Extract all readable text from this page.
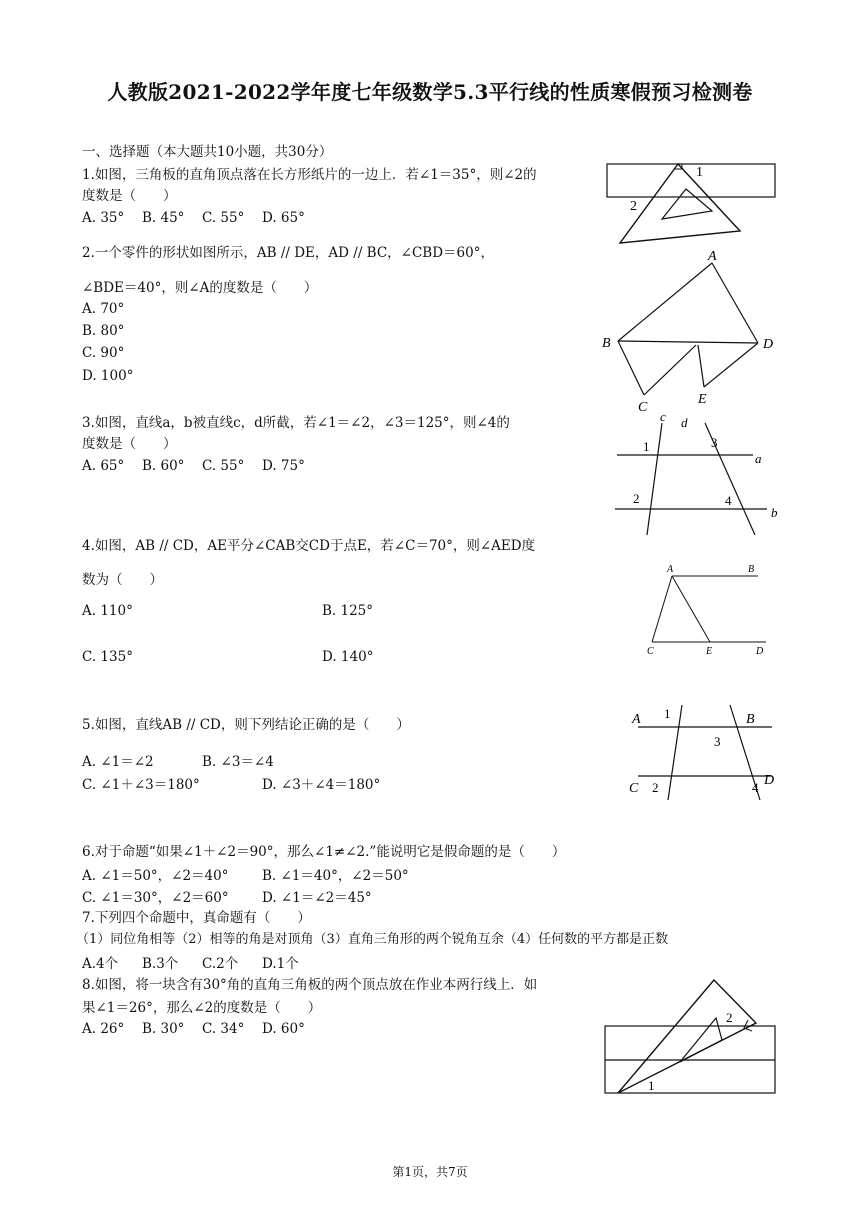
人教版2021-2022学年度七年级数学5.3平行线的性质寒假预习检测卷
一、选择题（本大题共10小题，共30分）
1.如图，三角板的直角顶点落在长方形纸片的一边上．若∠1＝35°，则∠2的
度数是（　　）
A. 35° B. 45° C. 55° D. 65°
1
2
2.一个零件的形状如图所示，AB // DE，AD // BC，∠CBD＝60°，
∠BDE＝40°，则∠A的度数是（　　）
A. 70°
B. 80°
C. 90°
D. 100°
A
B	D
C
E
3.如图，直线a，b被直线c，d所截，若∠1＝∠2，∠3＝125°，则∠4的
度数是（　　）
A. 65° B. 60° C. 55° D. 75°
c d
a
b
1
2
3
4
4.如图，AB // CD，AE平分∠CAB交CD于点E，若∠C＝70°，则∠AED度
数为（　　）
A. 110°	B. 125°
C. 135°	D. 140°
A	B
C	E	D
5.如图，直线AB // CD，则下列结论正确的是（　　）
A. ∠1＝∠2	B. ∠3＝∠4
C. ∠1＋∠3＝180°	D. ∠3＋∠4＝180°
A	B
C
D
1
2
3
4
6.对于命题“如果∠1＋∠2＝90°，那么∠1≠∠2.”能说明它是假命题的是（　　）
A. ∠1＝50°，∠2＝40° B. ∠1＝40°，∠2＝50°
C. ∠1＝30°，∠2＝60° D. ∠1＝∠2＝45°
7.下列四个命题中，真命题有（　　）
（1）同位角相等（2）相等的角是对顶角（3）直角三角形的两个锐角互余（4）任何数的平方都是正数
A.4个 B.3个 C.2个 D.1个
8.如图，将一块含有30°角的直角三角板的两个顶点放在作业本两行线上．如
果∠1＝26°，那么∠2的度数是（　　）
A. 26° B. 30° C. 34° D. 60°
2
1
第1页，共7页
